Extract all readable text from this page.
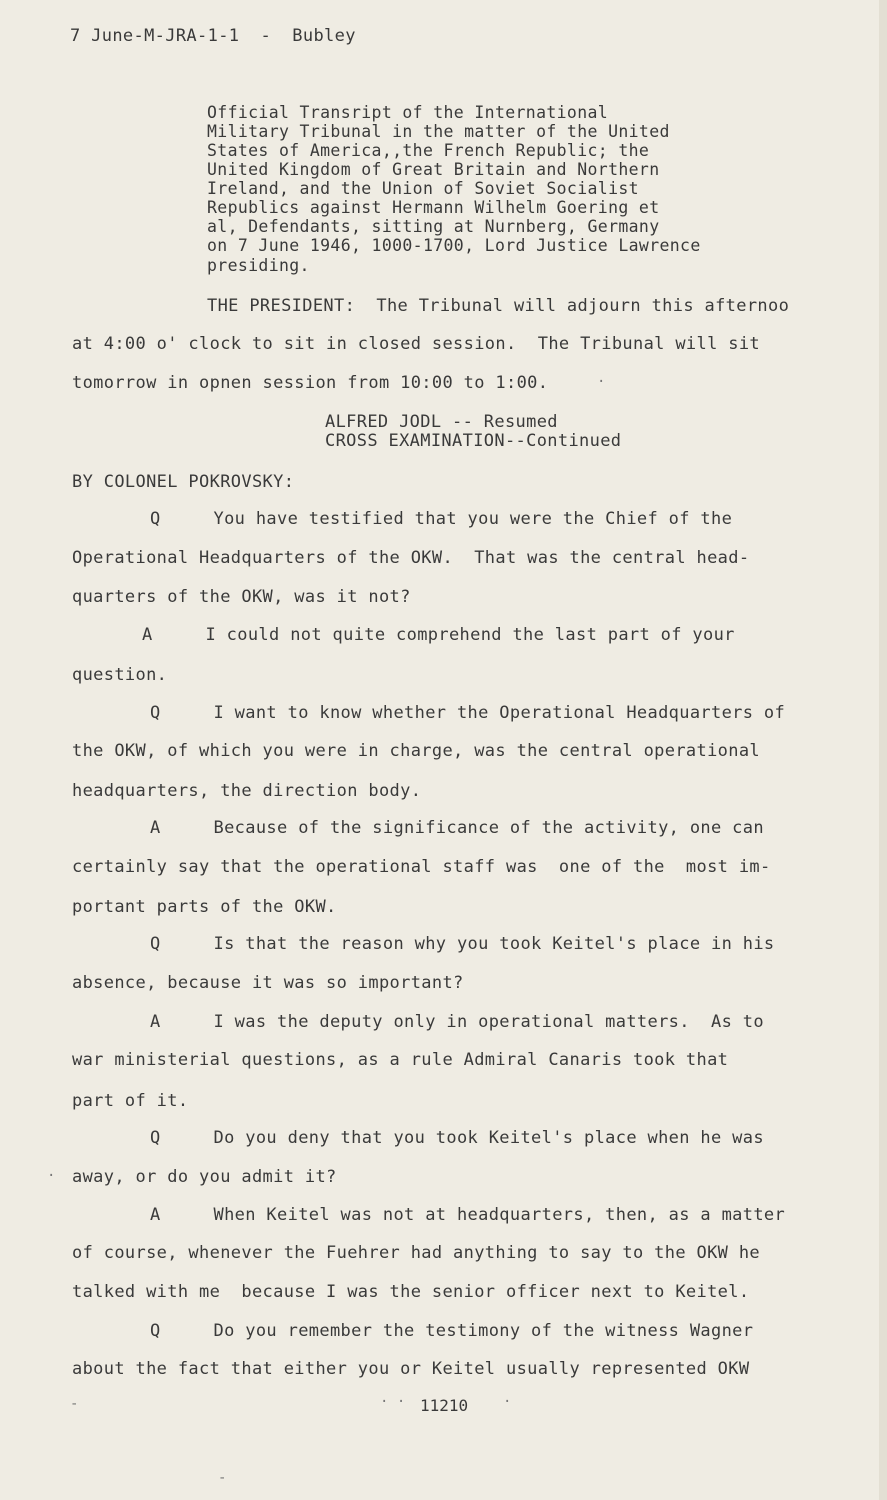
7 June-M-JRA-1-1  -  Bubley
Official Transript of the International
Military Tribunal in the matter of the United
States of America,,the French Republic; the
United Kingdom of Great Britain and Northern
Ireland, and the Union of Soviet Socialist
Republics against Hermann Wilhelm Goering et
al, Defendants, sitting at Nurnberg, Germany
on 7 June 1946, 1000-1700, Lord Justice Lawrence
presiding.
THE PRESIDENT:  The Tribunal will adjourn this afternoo
at 4:00 o' clock to sit in closed session.  The Tribunal will sit
tomorrow in opnen session from 10:00 to 1:00.
ALFRED JODL -- Resumed
CROSS EXAMINATION--Continued
BY COLONEL POKROVSKY:
Q     You have testified that you were the Chief of the
Operational Headquarters of the OKW.  That was the central head-
quarters of the OKW, was it not?
A     I could not quite comprehend the last part of your
question.
Q     I want to know whether the Operational Headquarters of
the OKW, of which you were in charge, was the central operational
headquarters, the direction body.
A     Because of the significance of the activity, one can
certainly say that the operational staff was  one of the  most im-
portant parts of the OKW.
Q     Is that the reason why you took Keitel's place in his
absence, because it was so important?
A     I was the deputy only in operational matters.  As to
war ministerial questions, as a rule Admiral Canaris took that
part of it.
Q     Do you deny that you took Keitel's place when he was
away, or do you admit it?
A     When Keitel was not at headquarters, then, as a matter
of course, whenever the Fuehrer had anything to say to the OKW he
talked with me  because I was the senior officer next to Keitel.
Q     Do you remember the testimony of the witness Wagner
about the fact that either you or Keitel usually represented OKW
11210
·
·
· ·	·
-
-
